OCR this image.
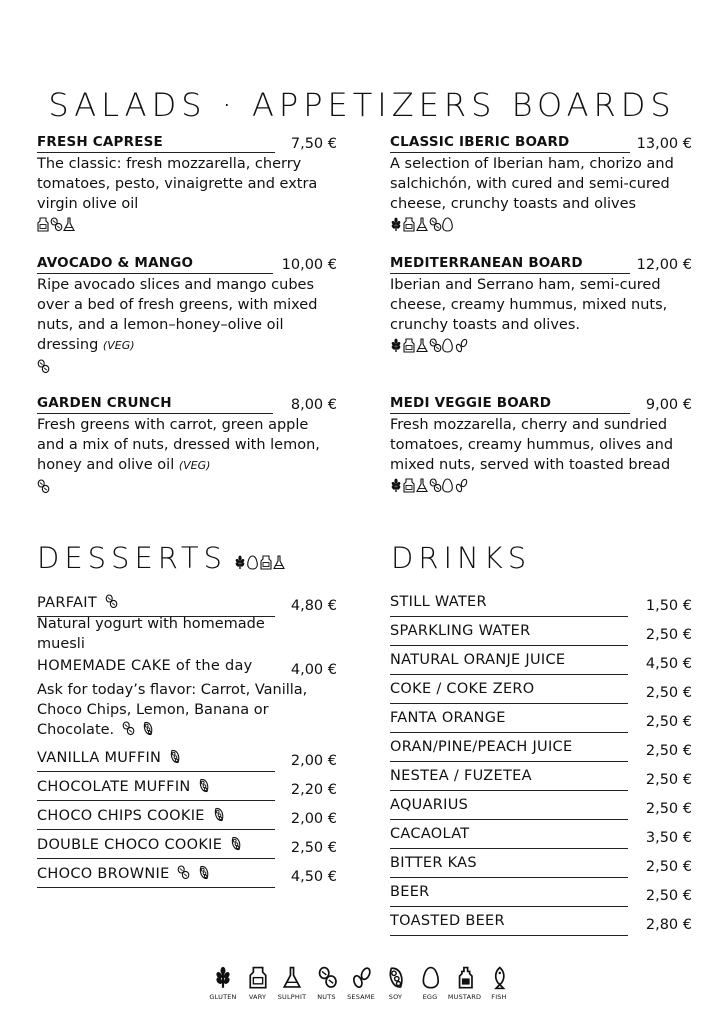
SALADS · APPETIZERS BOARDS
FRESH CAPRESE	7,50 €
The classic: fresh mozzarella, cherry tomatoes, pesto, vinaigrette and extra virgin olive oil
AVOCADO & MANGO	10,00 €
Ripe avocado slices and mango cubes over a bed of fresh greens, with mixed nuts, and a lemon–honey–olive oil dressing (VEG)
GARDEN CRUNCH	8,00 €
Fresh greens with carrot, green apple and a mix of nuts, dressed with lemon, honey and olive oil (VEG)
CLASSIC IBERIC BOARD	13,00 €
A selection of Iberian ham, chorizo and salchichón, with cured and semi-cured cheese, crunchy toasts and olives
MEDITERRANEAN BOARD	12,00 €
Iberian and Serrano ham, semi-cured cheese, creamy hummus, mixed nuts, crunchy toasts and olives.
MEDI VEGGIE BOARD	9,00 €
Fresh mozzarella, cherry and sundried tomatoes, creamy hummus, olives and mixed nuts, served with toasted bread
DESSERTS
PARFAIT	4,80 €
Natural yogurt with homemade muesli
HOMEMADE CAKE of the day	4,00 €
Ask for today’s flavor: Carrot, Vanilla, Choco Chips, Lemon, Banana or Chocolate.
VANILLA MUFFIN	2,00 €
CHOCOLATE MUFFIN	2,20 €
CHOCO CHIPS COOKIE	2,00 €
DOUBLE CHOCO COOKIE	2,50 €
CHOCO BROWNIE	4,50 €
DRINKS
STILL WATER	1,50 €
SPARKLING WATER	2,50 €
NATURAL ORANJE JUICE	4,50 €
COKE / COKE ZERO	2,50 €
FANTA ORANGE	2,50 €
ORAN/PINE/PEACH JUICE	2,50 €
NESTEA / FUZETEA	2,50 €
AQUARIUS	2,50 €
CACAOLAT	3,50 €
BITTER KAS	2,50 €
BEER	2,50 €
TOASTED BEER	2,80 €
GLUTEN	VARY	SULPHIT	NUTS	SESAME	SOY	EGG	MUSTARD	FISH
